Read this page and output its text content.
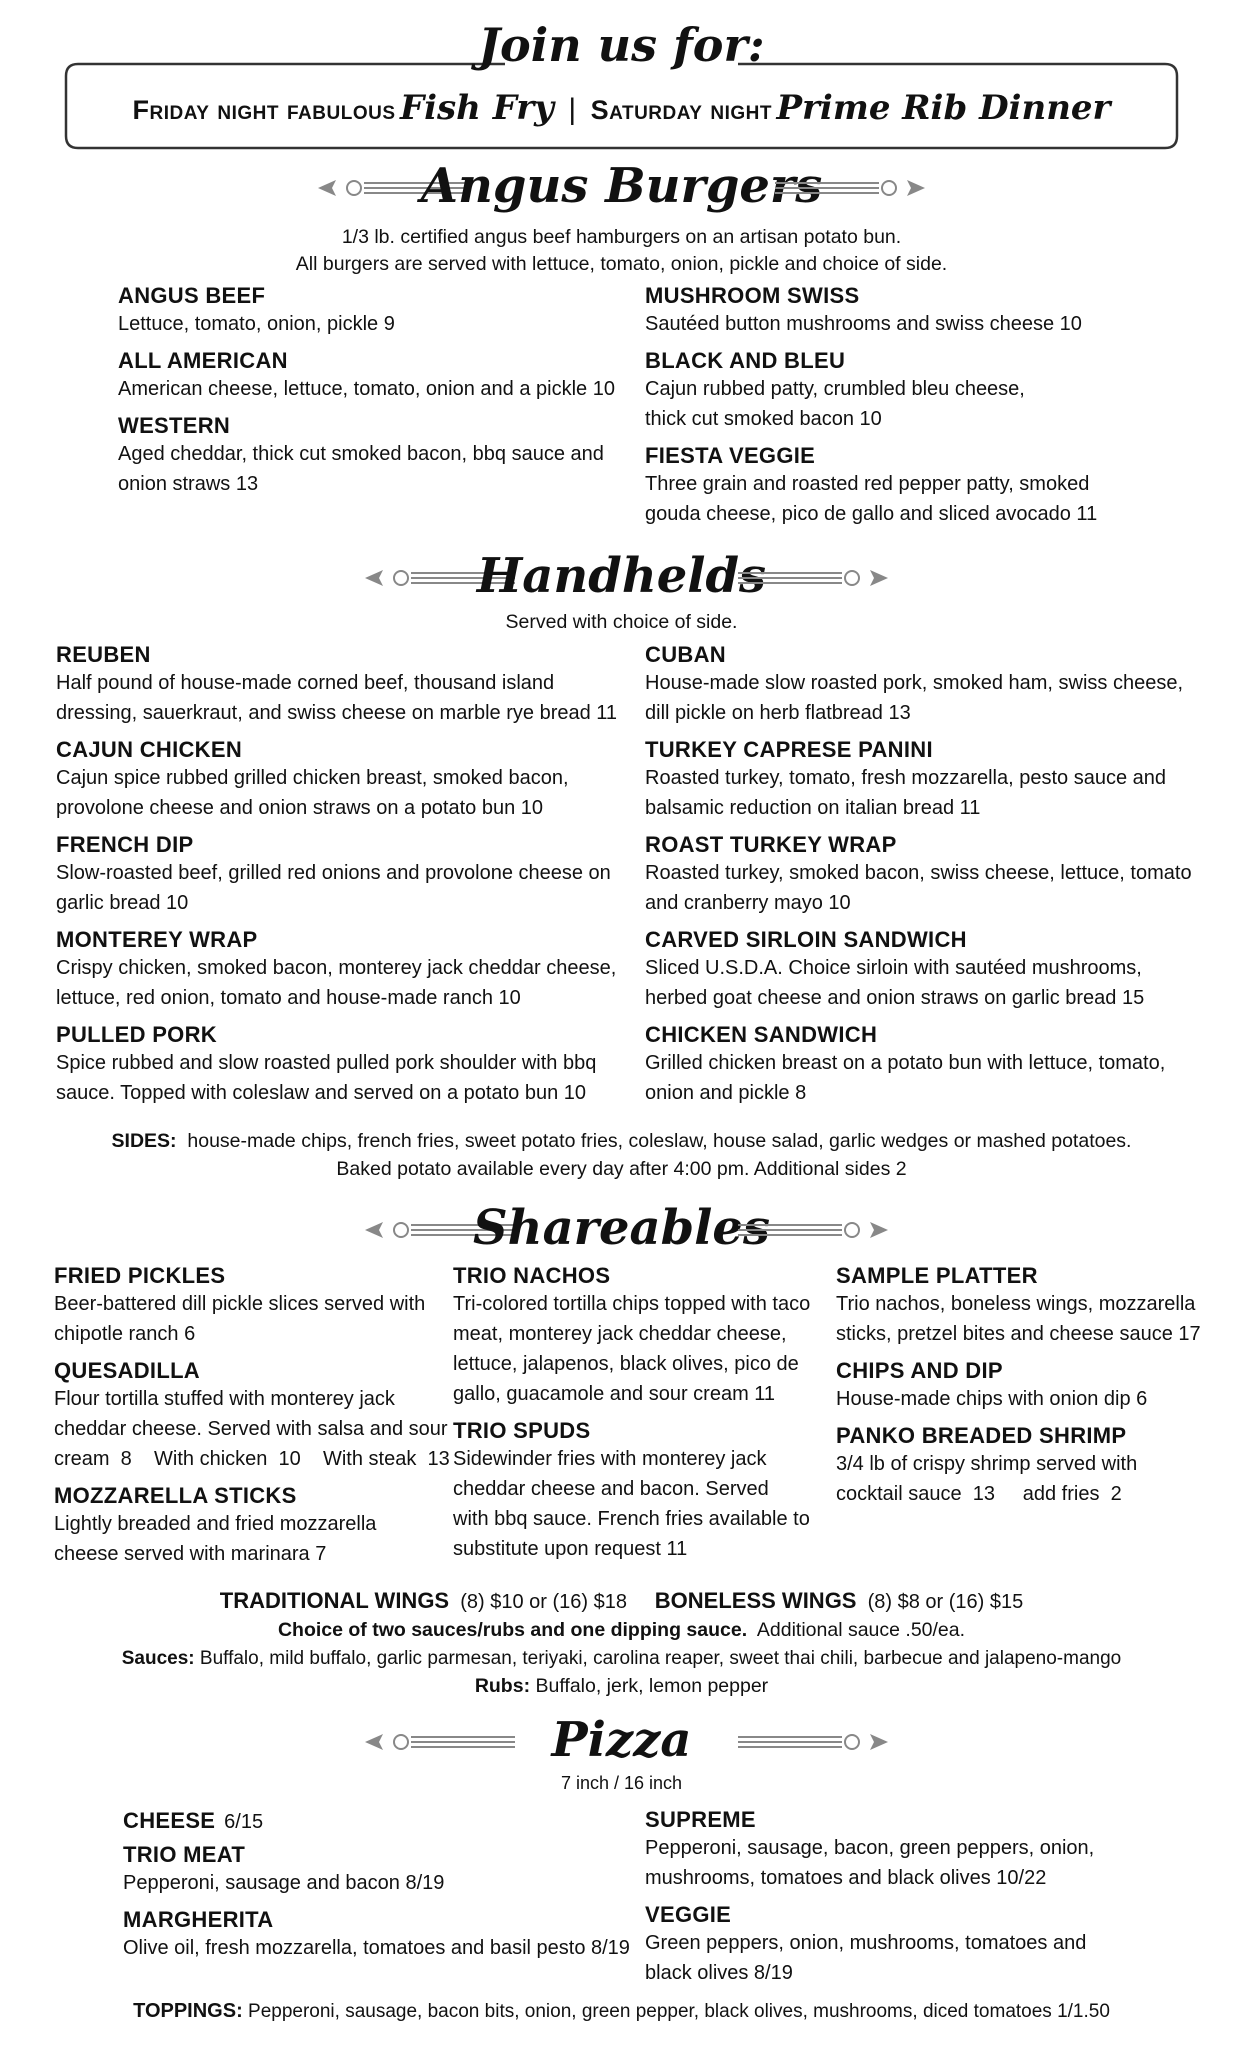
Join us for:
Friday night fabulous Fish Fry | Saturday night Prime Rib Dinner
Angus Burgers
1/3 lb. certified angus beef hamburgers on an artisan potato bun.
All burgers are served with lettuce, tomato, onion, pickle and choice of side.

ANGUS BEEF

Lettuce, tomato, onion, pickle 9

ALL AMERICAN

American cheese, lettuce, tomato, onion and a pickle 10

WESTERN

Aged cheddar, thick cut smoked bacon, bbq sauce and

onion straws 13

MUSHROOM SWISS

Sautéed button mushrooms and swiss cheese 10

BLACK AND BLEU

Cajun rubbed patty, crumbled bleu cheese,

thick cut smoked bacon 10

FIESTA VEGGIE

Three grain and roasted red pepper patty, smoked

gouda cheese, pico de gallo and sliced avocado 11

Handhelds
Served with choice of side.

REUBEN

Half pound of house-made corned beef, thousand island

dressing, sauerkraut, and swiss cheese on marble rye bread 11

CAJUN CHICKEN

Cajun spice rubbed grilled chicken breast, smoked bacon,

provolone cheese and onion straws on a potato bun 10

FRENCH DIP

Slow-roasted beef, grilled red onions and provolone cheese on

garlic bread 10

MONTEREY WRAP

Crispy chicken, smoked bacon, monterey jack cheddar cheese,

lettuce, red onion, tomato and house-made ranch 10

PULLED PORK

Spice rubbed and slow roasted pulled pork shoulder with bbq

sauce. Topped with coleslaw and served on a potato bun 10

CUBAN

House-made slow roasted pork, smoked ham, swiss cheese,

dill pickle on herb flatbread 13

TURKEY CAPRESE PANINI

Roasted turkey, tomato, fresh mozzarella, pesto sauce and

balsamic reduction on italian bread 11

ROAST TURKEY WRAP

Roasted turkey, smoked bacon, swiss cheese, lettuce, tomato

and cranberry mayo 10

CARVED SIRLOIN SANDWICH

Sliced U.S.D.A. Choice sirloin with sautéed mushrooms,

herbed goat cheese and onion straws on garlic bread 15

CHICKEN SANDWICH

Grilled chicken breast on a potato bun with lettuce, tomato,

onion and pickle 8

SIDES: house-made chips, french fries, sweet potato fries, coleslaw, house salad, garlic wedges or mashed potatoes.
Baked potato available every day after 4:00 pm. Additional sides 2
Shareables

FRIED PICKLES

Beer-battered dill pickle slices served with

chipotle ranch 6

QUESADILLA

Flour tortilla stuffed with monterey jack

cheddar cheese. Served with salsa and sour

cream  8    With chicken  10    With steak  13

MOZZARELLA STICKS

Lightly breaded and fried mozzarella

cheese served with marinara 7

TRIO NACHOS

Tri-colored tortilla chips topped with taco

meat, monterey jack cheddar cheese,

lettuce, jalapenos, black olives, pico de

gallo, guacamole and sour cream 11

TRIO SPUDS

Sidewinder fries with monterey jack

cheddar cheese and bacon. Served

with bbq sauce. French fries available to

substitute upon request 11

SAMPLE PLATTER

Trio nachos, boneless wings, mozzarella

sticks, pretzel bites and cheese sauce 17

CHIPS AND DIP

House-made chips with onion dip 6

PANKO BREADED SHRIMP

3/4 lb of crispy shrimp served with

cocktail sauce  13     add fries  2

TRADITIONAL WINGS (8) $10 or (16) $18 BONELESS WINGS (8) $8 or (16) $15
Choice of two sauces/rubs and one dipping sauce. Additional sauce .50/ea.
Sauces: Buffalo, mild buffalo, garlic parmesan, teriyaki, carolina reaper, sweet thai chili, barbecue and jalapeno-mango
Rubs: Buffalo, jerk, lemon pepper
Pizza
7 inch / 16 inch
CHEESE 6/15

TRIO MEAT

Pepperoni, sausage and bacon 8/19

MARGHERITA

Olive oil, fresh mozzarella, tomatoes and basil pesto 8/19

SUPREME

Pepperoni, sausage, bacon, green peppers, onion,

mushrooms, tomatoes and black olives 10/22

VEGGIE

Green peppers, onion, mushrooms, tomatoes and

black olives 8/19

TOPPINGS: Pepperoni, sausage, bacon bits, onion, green pepper, black olives, mushrooms, diced tomatoes 1/1.50
